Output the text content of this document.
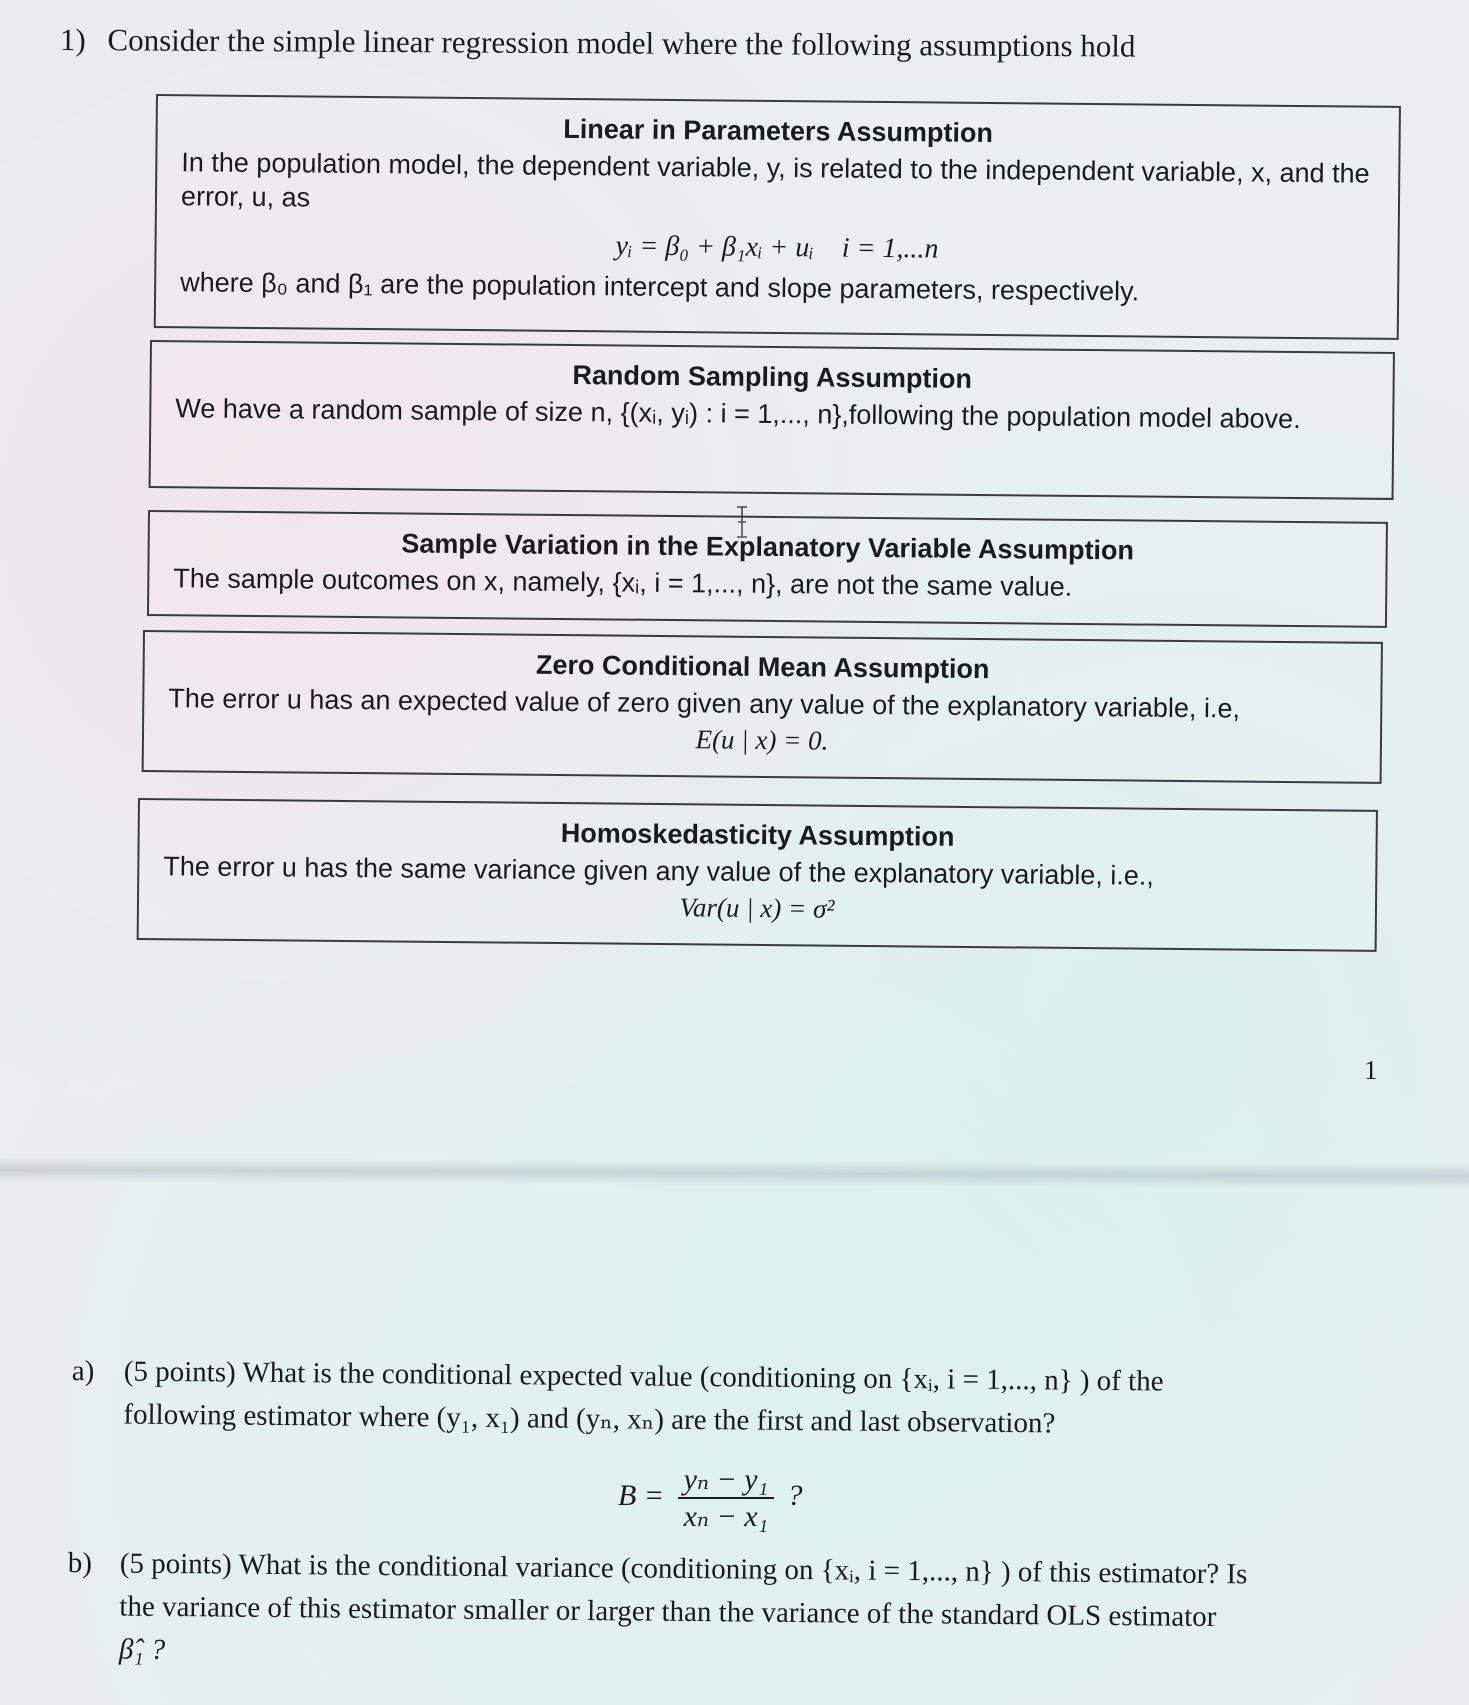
1) Consider the simple linear regression model where the following assumptions hold
Linear in Parameters Assumption
In the population model, the dependent variable, y, is related to the independent variable, x, and the error, u, as
yᵢ = β₀ + β₁xᵢ + uᵢ i = 1,...n
where β₀ and β₁ are the population intercept and slope parameters, respectively.
Random Sampling Assumption
We have a random sample of size n, {(xᵢ, yᵢ) : i = 1,..., n},following the population model above.
Sample Variation in the Explanatory Variable Assumption
The sample outcomes on x, namely, {xᵢ, i = 1,..., n}, are not the same value.
Zero Conditional Mean Assumption
The error u has an expected value of zero given any value of the explanatory variable, i.e,
E(u | x) = 0.
Homoskedasticity Assumption
The error u has the same variance given any value of the explanatory variable, i.e.,
Var(u | x) = σ²
1
a) (5 points) What is the conditional expected value (conditioning on {xᵢ, i = 1,..., n} ) of the
following estimator where (y₁, x₁) and (yₙ, xₙ) are the first and last observation?
$B = \frac{\text{yₙ − y₁}}{\text{xₙ − x₁}}$ ?
b) (5 points) What is the conditional variance (conditioning on {xᵢ, i = 1,..., n} ) of this estimator? Is
the variance of this estimator smaller or larger than the variance of the standard OLS estimator
β̂₁ ?
